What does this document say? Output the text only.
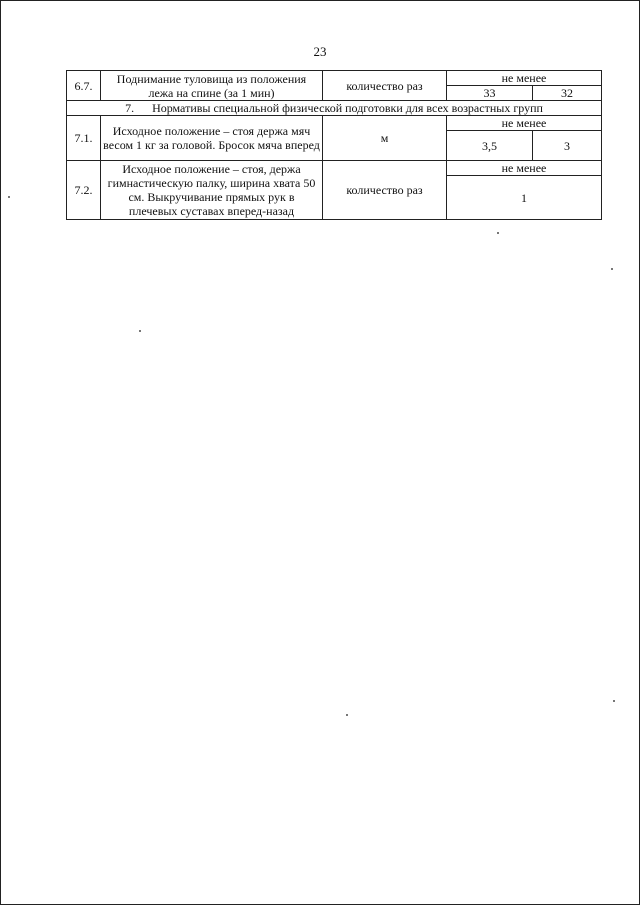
23
6.7.	Поднимание туловища из положения лежа на спине (за 1 мин)	количество раз	не менее	
			33	32
7.      Нормативы специальной физической подготовки для всех возрастных групп				
7.1.	Исходное положение – стоя держа мяч весом 1 кг за головой. Бросок мяча вперед	м	не менее	
			3,5	3
7.2.	Исходное положение – стоя, держа гимнастическую палку, ширина хвата 50 см. Выкручивание прямых рук в плечевых суставах вперед-назад	количество раз	не менее	
			1	
